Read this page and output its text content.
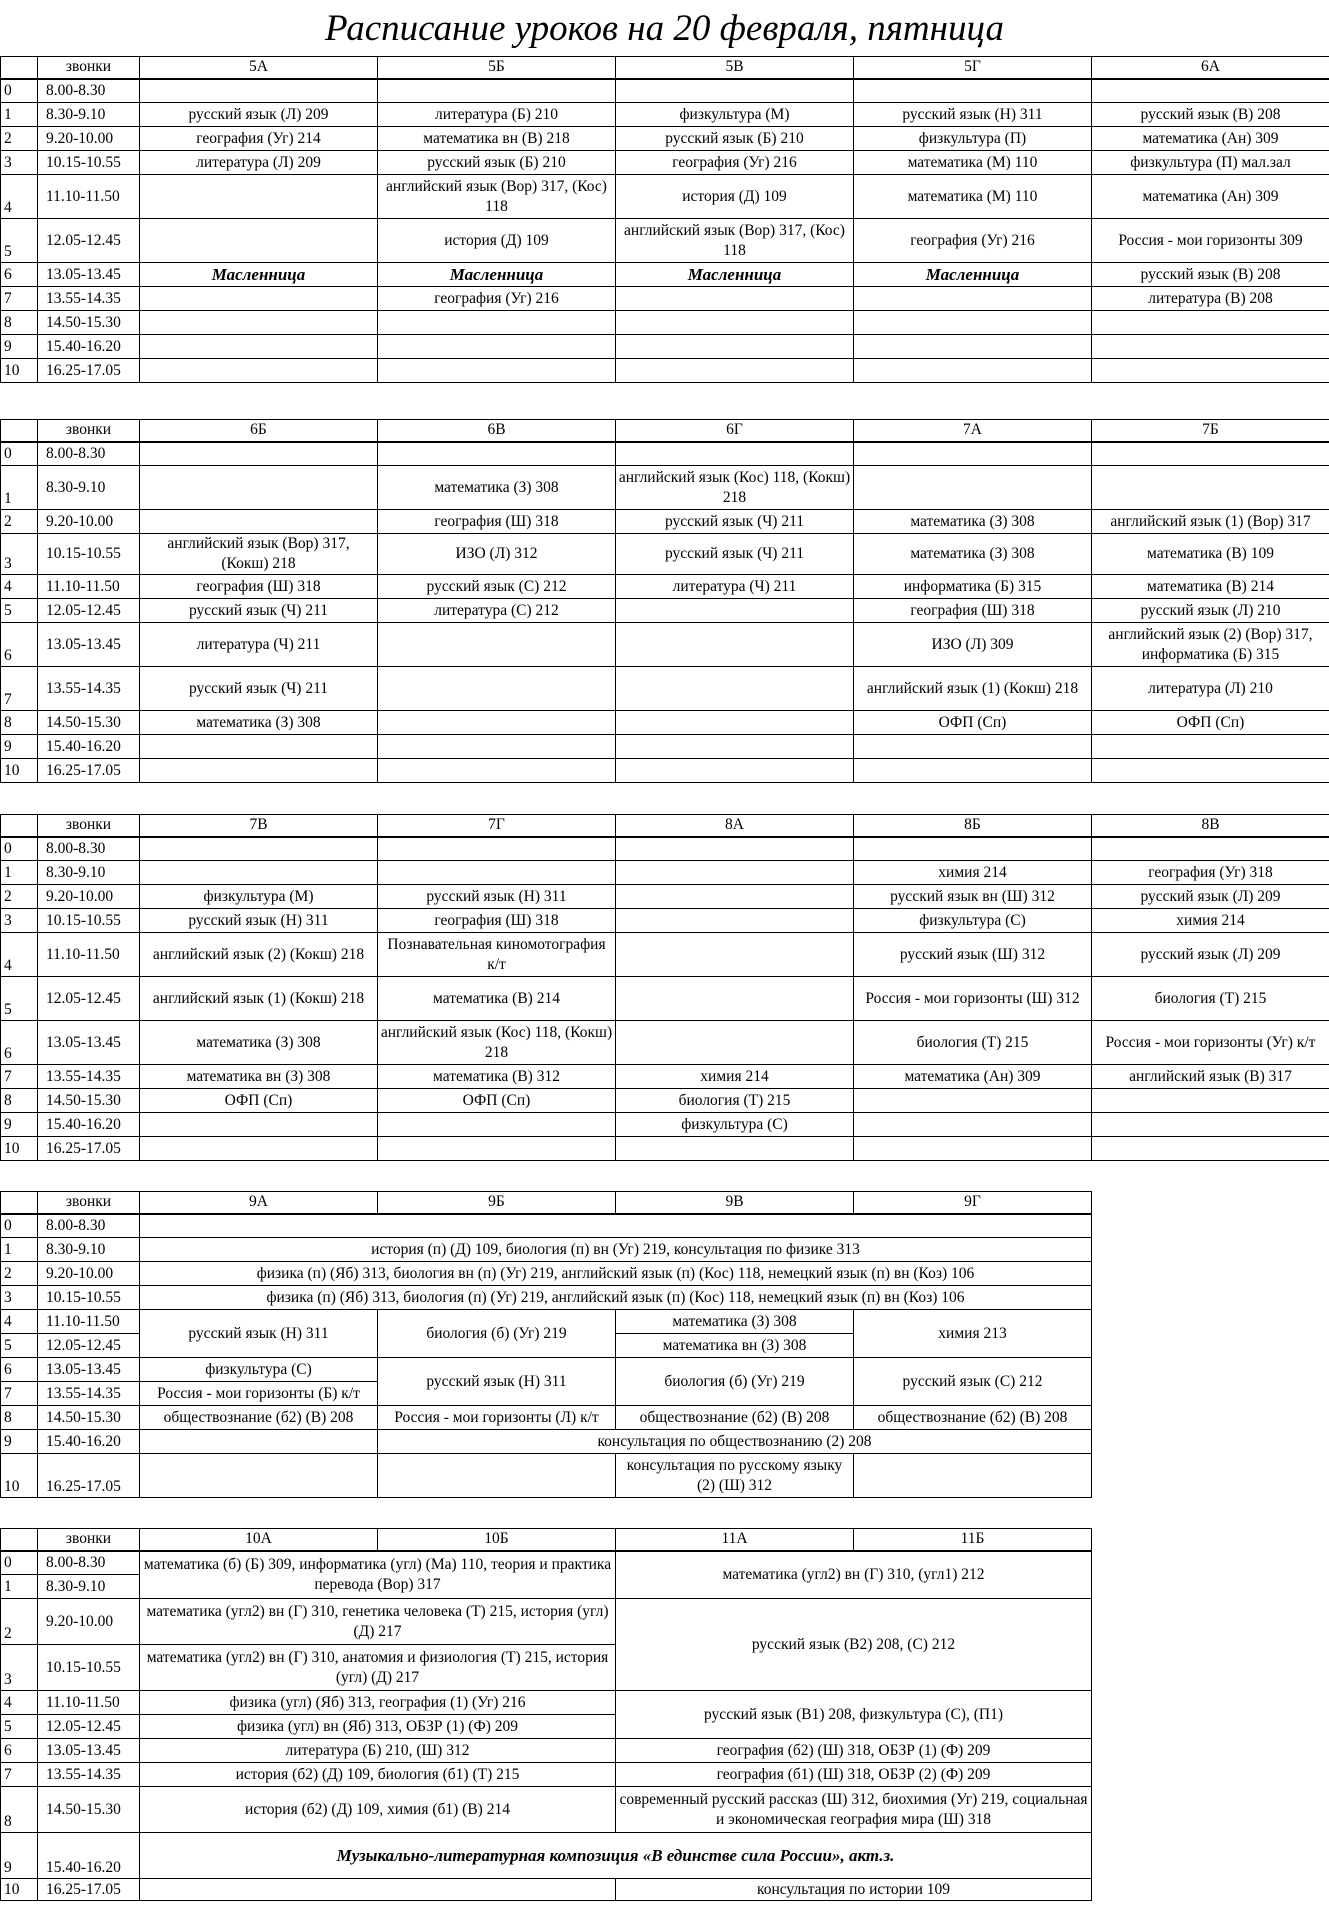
Расписание уроков на 20 февраля, пятница
	звонки	5А	5Б	5В	5Г	6А
0	8.00-8.30					
1	8.30-9.10	русский язык (Л) 209	литература (Б) 210	физкультура (М)	русский язык (Н) 311	русский язык (В) 208
2	9.20-10.00	география (Уг) 214	математика вн (В) 218	русский язык (Б) 210	физкультура (П)	математика (Ан) 309
3	10.15-10.55	литература (Л) 209	русский язык (Б) 210	география (Уг) 216	математика (М) 110	физкультура (П) мал.зал
4	11.10-11.50		английский язык (Вор) 317, (Кос) 118	история (Д) 109	математика (М) 110	математика (Ан) 309
5	12.05-12.45		история (Д) 109	английский язык (Вор) 317, (Кос) 118	география (Уг) 216	Россия - мои горизонты 309
6	13.05-13.45	Масленница	Масленница	Масленница	Масленница	русский язык (В) 208
7	13.55-14.35		география (Уг) 216			литература (В) 208
8	14.50-15.30					
9	15.40-16.20					
10	16.25-17.05					
	звонки	6Б	6В	6Г	7А	7Б
0	8.00-8.30					
1	8.30-9.10		математика (З) 308	английский язык (Кос) 118, (Кокш) 218		
2	9.20-10.00		география (Ш) 318	русский язык (Ч) 211	математика (З) 308	английский язык (1) (Вор) 317
3	10.15-10.55	английский язык (Вор) 317, (Кокш) 218	ИЗО (Л) 312	русский язык (Ч) 211	математика (З) 308	математика (В) 109
4	11.10-11.50	география (Ш) 318	русский язык (С) 212	литература (Ч) 211	информатика (Б) 315	математика (В) 214
5	12.05-12.45	русский язык (Ч) 211	литература (С) 212		география (Ш) 318	русский язык (Л) 210
6	13.05-13.45	литература (Ч) 211			ИЗО (Л) 309	английский язык (2) (Вор) 317, информатика (Б) 315
7	13.55-14.35	русский язык (Ч) 211			английский язык (1) (Кокш) 218	литература (Л) 210
8	14.50-15.30	математика (З) 308			ОФП (Сп)	ОФП (Сп)
9	15.40-16.20					
10	16.25-17.05					
	звонки	7В	7Г	8А	8Б	8В
0	8.00-8.30					
1	8.30-9.10				химия 214	география (Уг) 318
2	9.20-10.00	физкультура (М)	русский язык (Н) 311		русский язык вн (Ш) 312	русский язык (Л) 209
3	10.15-10.55	русский язык (Н) 311	география (Ш) 318		физкультура (С)	химия 214
4	11.10-11.50	английский язык (2) (Кокш) 218	Познавательная киномотография к/т		русский язык (Ш) 312	русский язык (Л) 209
5	12.05-12.45	английский язык (1) (Кокш) 218	математика (В) 214		Россия - мои горизонты (Ш) 312	биология (Т) 215
6	13.05-13.45	математика (З) 308	английский язык (Кос) 118, (Кокш) 218		биология (Т) 215	Россия - мои горизонты (Уг) к/т
7	13.55-14.35	математика вн (З) 308	математика (В) 312	химия 214	математика (Ан) 309	английский язык (В) 317
8	14.50-15.30	ОФП (Сп)	ОФП (Сп)	биология (Т) 215		
9	15.40-16.20			физкультура (С)		
10	16.25-17.05					
	звонки	9А	9Б	9В	9Г
0	8.00-8.30				
1	8.30-9.10	история (п) (Д) 109, биология (п) вн (Уг) 219, консультация по физике 313			
2	9.20-10.00	физика (п) (Яб) 313, биология вн (п) (Уг) 219, английский язык (п) (Кос) 118, немецкий язык (п) вн (Коз) 106			
3	10.15-10.55	физика (п) (Яб) 313, биология (п) (Уг) 219, английский язык (п) (Кос) 118, немецкий язык (п) вн (Коз) 106			
4	11.10-11.50	русский язык (Н) 311	биология (б) (Уг) 219	математика (З) 308	химия 213
5	12.05-12.45			математика вн (З) 308	
6	13.05-13.45	физкультура (С)	русский язык (Н) 311	биология (б) (Уг) 219	русский язык (С) 212
7	13.55-14.35	Россия - мои горизонты (Б) к/т			
8	14.50-15.30	обществознание (б2) (В) 208	Россия - мои горизонты (Л) к/т	обществознание (б2) (В) 208	обществознание (б2) (В) 208
9	15.40-16.20		консультация по обществознанию (2) 208		
10	16.25-17.05			консультация по русскому языку (2) (Ш) 312	
	звонки	10А	10Б	11А	11Б
0	8.00-8.30	математика (б) (Б) 309, информатика (угл) (Ма) 110, теория и практика перевода (Вор) 317		математика (угл2) вн (Г) 310, (угл1) 212	
1	8.30-9.10				
2	9.20-10.00	математика (угл2) вн (Г) 310, генетика человека (Т) 215, история (угл) (Д) 217		русский язык (В2) 208, (С) 212	
3	10.15-10.55	математика (угл2) вн (Г) 310, анатомия и физиология (Т) 215, история (угл) (Д) 217			
4	11.10-11.50	физика (угл) (Яб) 313, география (1) (Уг) 216		русский язык (В1) 208, физкультура (С), (П1)	
5	12.05-12.45	физика (угл) вн (Яб) 313, ОБЗР (1) (Ф) 209			
6	13.05-13.45	литература (Б) 210, (Ш) 312		география (б2) (Ш) 318, ОБЗР (1) (Ф) 209	
7	13.55-14.35	история (б2) (Д) 109, биология (б1) (Т) 215		география (б1) (Ш) 318, ОБЗР (2) (Ф) 209	
8	14.50-15.30	история (б2) (Д) 109, химия (б1) (В) 214		современный русский рассказ (Ш) 312, биохимия (Уг) 219, социальная и экономическая география мира (Ш) 318	
9	15.40-16.20	Музыкально-литературная композиция «В единстве сила России», акт.з.			
10	16.25-17.05			консультация по истории 109	
